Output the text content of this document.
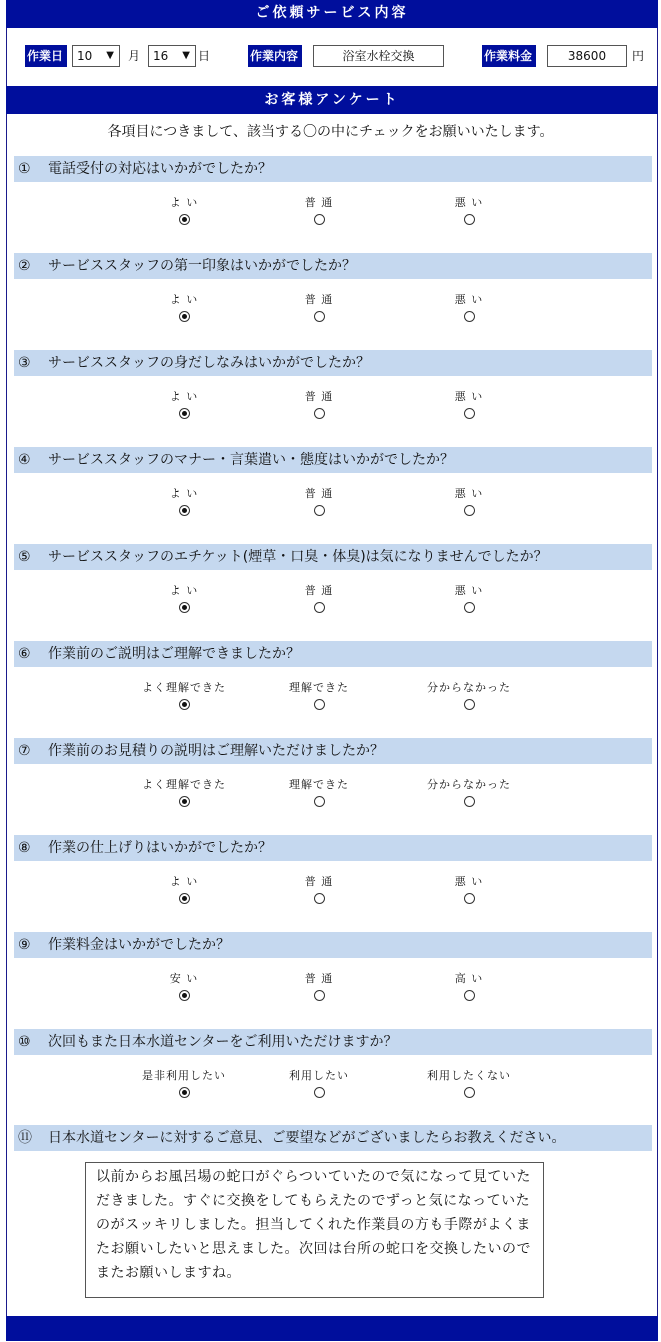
ご依頼サービス内容
作業日	10 ▼ 月	16 ▼ 日	作業内容	浴室水栓交換	作業料金	38600	円
お客様アンケート
各項目につきまして、該当する〇の中にチェックをお願いいたします。
① 電話受付の対応はいかがでしたか？
よ い	普 通	悪 い
② サービススタッフの第一印象はいかがでしたか？
よ い	普 通	悪 い
③ サービススタッフの身だしなみはいかがでしたか？
よ い	普 通	悪 い
④ サービススタッフのマナー・言葉遣い・態度はいかがでしたか？
よ い	普 通	悪 い
⑤ サービススタッフのエチケット(煙草・口臭・体臭)は気になりませんでしたか？
よ い	普 通	悪 い
⑥ 作業前のご説明はご理解できましたか？
よく理解できた	理解できた	分からなかった
⑦ 作業前のお見積りの説明はご理解いただけましたか？
よく理解できた	理解できた	分からなかった
⑧ 作業の仕上げりはいかがでしたか？
よ い	普 通	悪 い
⑨ 作業料金はいかがでしたか？
安 い	普 通	高 い
⑩ 次回もまた日本水道センターをご利用いただけますか？
是非利用したい	利用したい	利用したくない
⑪ 日本水道センターに対するご意見、ご要望などがございましたらお教えください。
以前からお風呂場の蛇口がぐらついていたので気になって見ていただきました。すぐに交換をしてもらえたのでずっと気になっていたのがスッキリしました。担当してくれた作業員の方も手際がよくまたお願いしたいと思えました。次回は台所の蛇口を交換したいのでまたお願いしますね。
